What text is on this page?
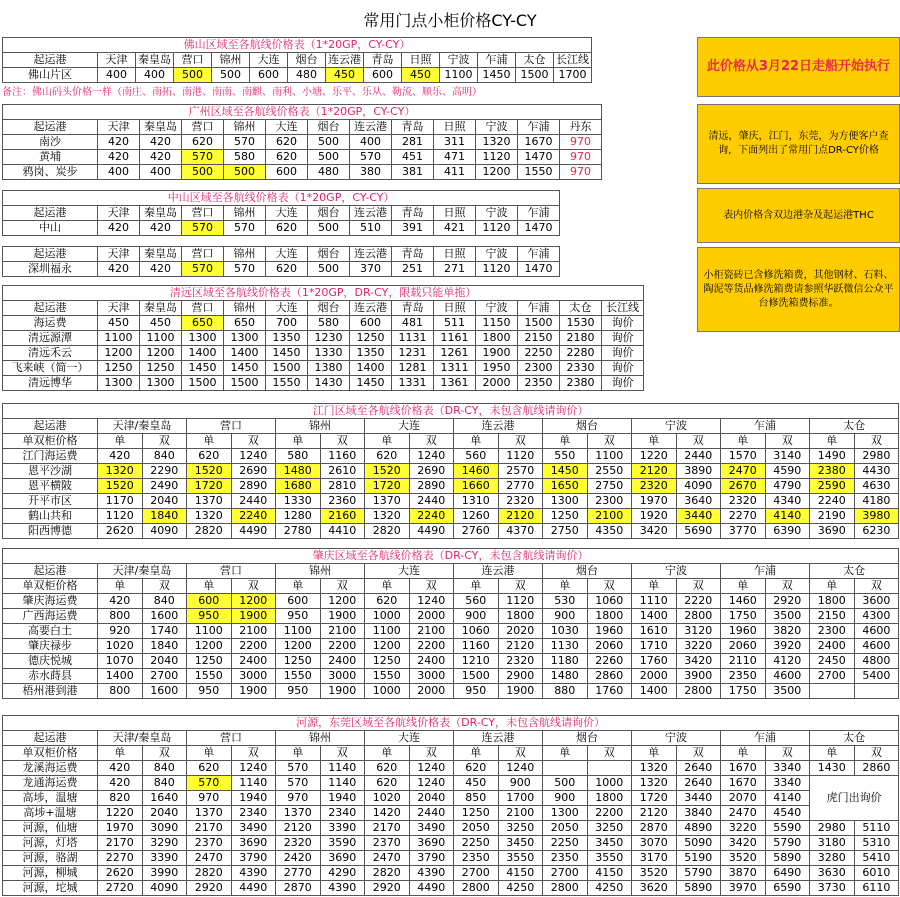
常用门点小柜价格CY-CY
佛山区域至各航线价格表（1*20GP，CY-CY）													
起运港	天津	秦皇岛	营口	锦州	大连	烟台	连云港	青岛	日照	宁波	乍浦	太仓	长江线
佛山片区	400	400	500	500	600	480	450	600	450	1100	1450	1500	1700
广州区域至各航线价格表（1*20GP，CY-CY）												
起运港	天津	秦皇岛	营口	锦州	大连	烟台	连云港	青岛	日照	宁波	乍浦	丹东
南沙	420	420	620	570	620	500	400	281	311	1320	1670	970
黄埔	420	420	570	580	620	500	570	451	471	1120	1470	970
鸦岗、炭步	400	400	500	500	600	480	380	381	411	1200	1550	970
中山区域至各航线价格表（1*20GP，CY-CY）											
起运港	天津	秦皇岛	营口	锦州	大连	烟台	连云港	青岛	日照	宁波	乍浦
中山	420	420	570	570	620	500	510	391	421	1120	1470
起运港	天津	秦皇岛	营口	锦州	大连	烟台	连云港	青岛	日照	宁波	乍浦
深圳福永	420	420	570	570	620	500	370	251	271	1120	1470
清远区域至各航线价格表（1*20GP，DR-CY，限载只能单拖）													
起运港	天津	秦皇岛	营口	锦州	大连	烟台	连云港	青岛	日照	宁波	乍浦	太仓	长江线
海运费	450	450	650	650	700	580	600	481	511	1150	1500	1530	询价
清远源潭	1100	1100	1300	1300	1350	1230	1250	1131	1161	1800	2150	2180	询价
清远禾云	1200	1200	1400	1400	1450	1330	1350	1231	1261	1900	2250	2280	询价
飞来峡（简一）	1250	1250	1450	1450	1500	1380	1400	1281	1311	1950	2300	2330	询价
清远博华	1300	1300	1500	1500	1550	1430	1450	1331	1361	2000	2350	2380	询价
江门区域至各航线价格表（DR-CY，未包含航线请询价）																		
起运港	天津/秦皇岛		营口		锦州		大连		连云港		烟台		宁波		乍浦		太仓	
单双柜价格	单	双	单	双	单	双	单	双	单	双	单	双	单	双	单	双	单	双
江门海运费	420	840	620	1240	580	1160	620	1240	560	1120	550	1100	1220	2440	1570	3140	1490	2980
恩平沙湖	1320	2290	1520	2690	1480	2610	1520	2690	1460	2570	1450	2550	2120	3890	2470	4590	2380	4430
恩平横陂	1520	2490	1720	2890	1680	2810	1720	2890	1660	2770	1650	2750	2320	4090	2670	4790	2590	4630
开平市区	1170	2040	1370	2440	1330	2360	1370	2440	1310	2320	1300	2300	1970	3640	2320	4340	2240	4180
鹤山共和	1120	1840	1320	2240	1280	2160	1320	2240	1260	2120	1250	2100	1920	3440	2270	4140	2190	3980
阳西博德	2620	4090	2820	4490	2780	4410	2820	4490	2760	4370	2750	4350	3420	5690	3770	6390	3690	6230
肇庆区域至各航线价格表（DR-CY，未包含航线请询价）																		
起运港	天津/秦皇岛		营口		锦州		大连		连云港		烟台		宁波		乍浦		太仓	
单双柜价格	单	双	单	双	单	双	单	双	单	双	单	双	单	双	单	双	单	双
肇庆海运费	420	840	600	1200	600	1200	620	1240	560	1120	530	1060	1110	2220	1460	2920	1800	3600
广西海运费	800	1600	950	1900	950	1900	1000	2000	900	1800	900	1800	1400	2800	1750	3500	2150	4300
高要白土	920	1740	1100	2100	1100	2100	1100	2100	1060	2020	1030	1960	1610	3120	1960	3820	2300	4600
肇庆禄步	1020	1840	1200	2200	1200	2200	1200	2200	1160	2120	1130	2060	1710	3220	2060	3920	2400	4600
德庆悦城	1070	2040	1250	2400	1250	2400	1250	2400	1210	2320	1180	2260	1760	3420	2110	4120	2450	4800
赤水蒔县	1400	2700	1550	3000	1550	3000	1550	3000	1500	2900	1480	2860	2000	3900	2350	4600	2700	5400
梧州港到港	800	1600	950	1900	950	1900	1000	2000	950	1900	880	1760	1400	2800	1750	3500		
河源，东莞区域至各航线价格表（DR-CY，未包含航线请询价）																		
起运港	天津/秦皇岛		营口		锦州		大连		连云港		烟台		宁波		乍浦		太仓	
单双柜价格	单	双	单	双	单	双	单	双	单	双	单	双	单	双	单	双	单	双
龙溪海运费	420	840	620	1240	570	1140	620	1240	620	1240			1320	2640	1670	3340	1430	2860
龙通海运费	420	840	570	1140	570	1140	620	1240	450	900	500	1000	1320	2640	1670	3340	虎门出询价	
高埗，温塘	820	1640	970	1940	970	1940	1020	2040	850	1700	900	1800	1720	3440	2070	4140		
高埗+温塘	1220	2040	1370	2340	1370	2340	1420	2440	1250	2100	1300	2200	2120	3840	2470	4540		
河源，仙塘	1970	3090	2170	3490	2120	3390	2170	3490	2050	3250	2050	3250	2870	4890	3220	5590	2980	5110
河源，灯塔	2170	3290	2370	3690	2320	3590	2370	3690	2250	3450	2250	3450	3070	5090	3420	5790	3180	5310
河源，骆湖	2270	3390	2470	3790	2420	3690	2470	3790	2350	3550	2350	3550	3170	5190	3520	5890	3280	5410
河源，柳城	2620	3990	2820	4390	2770	4290	2820	4390	2700	4150	2700	4150	3520	5790	3870	6490	3630	6010
河源，坨城	2720	4090	2920	4490	2870	4390	2920	4490	2800	4250	2800	4250	3620	5890	3970	6590	3730	6110
备注：佛山码头价格一样（南庄、南拓、南港、南南、南麒、南利、小塘、乐平、乐从、勒流、顺乐、高明）
此价格从3月22日走船开始执行
清远，肇庆，江门，东莞，为方便客户查询，下面列出了常用门点DR-CY价格
表内价格含双边港杂及起运港THC
小柜瓷砖已含修洗箱费，其他钢材、石料、陶泥等货品修洗箱费请参照华跃微信公众平台修洗箱费标准。
